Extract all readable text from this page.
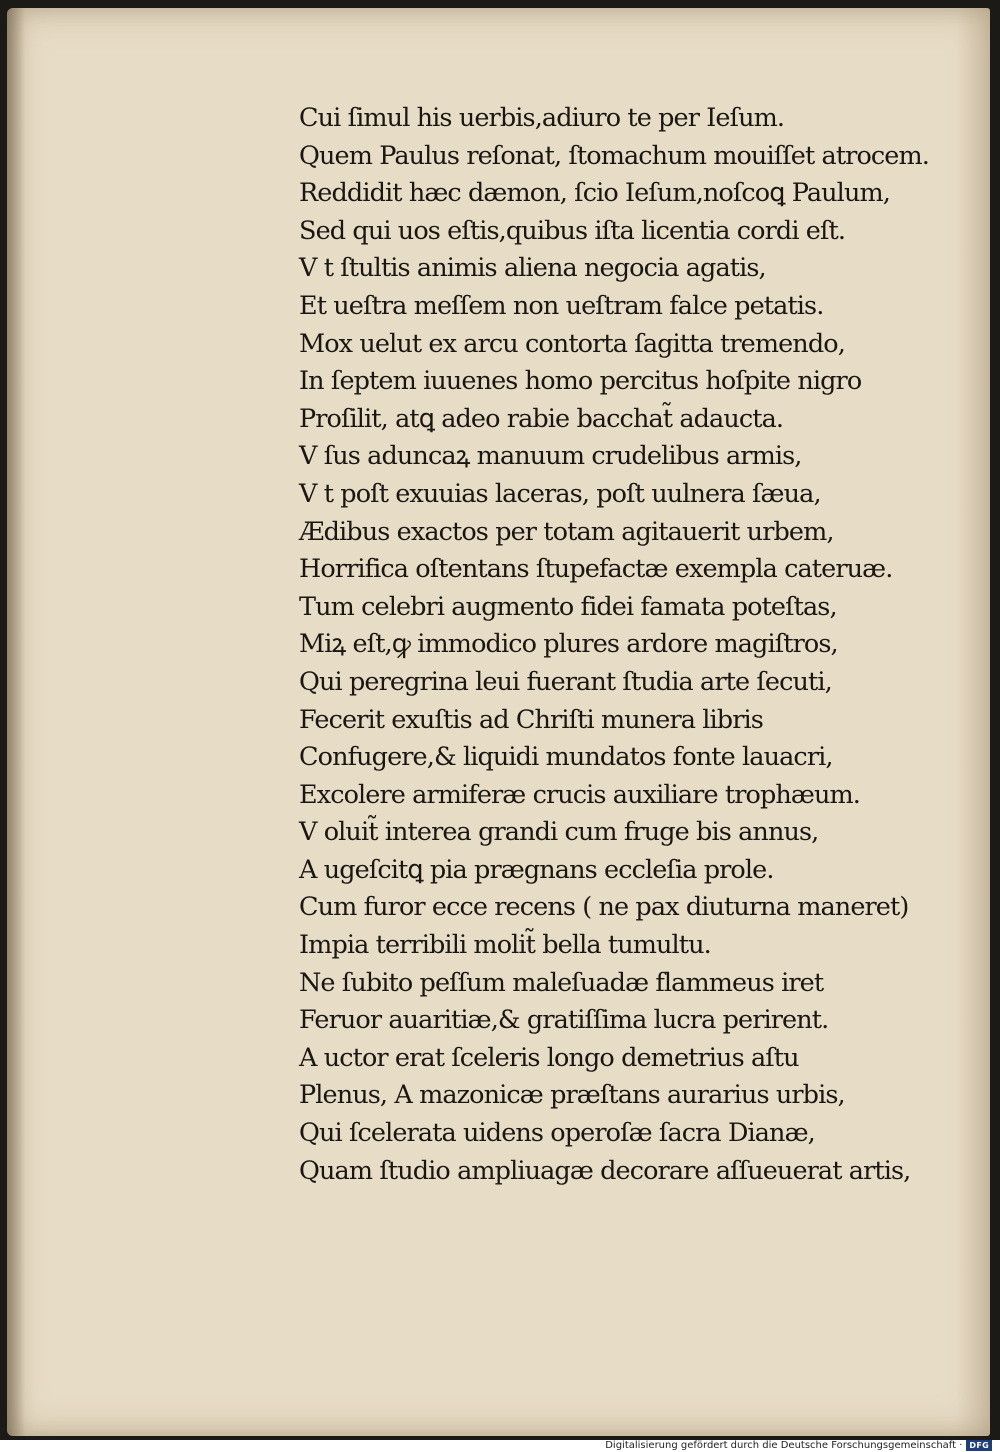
Cui ſimul his uerbis,adiuro te per Ieſum.
Quem Paulus reſonat, ſtomachum mouiſſet atrocem.
Reddidit hæc dæmon, ſcio Ieſum,noſcoꝗ Paulum,
Sed qui uos eſtis,quibus iſta licentia cordi eſt.
V t ſtultis animis aliena negocia agatis,
Et ueſtra meſſem non ueſtram falce petatis.
Mox uelut ex arcu contorta ſagitta tremendo,
In ſeptem iuuenes homo percitus hoſpite nigro
Proſilit, atꝗ adeo rabie bacchat̃ adaucta.
V ſus aduncaꝝ manuum crudelibus armis,
V t poſt exuuias laceras, poſt uulnera ſæua,
Ædibus exactos per totam agitauerit urbem,
Horrifica oſtentans ſtupefactæ exempla cateruæ.
Tum celebri augmento fidei famata poteſtas,
Miꝝ eſt,ꝙ immodico plures ardore magiſtros,
Qui peregrina leui fuerant ſtudia arte ſecuti,
Fecerit exuſtis ad Chriſti munera libris
Confugere,& liquidi mundatos fonte lauacri,
Excolere armiferæ crucis auxiliare trophæum.
V oluit̃ interea grandi cum fruge bis annus,
A ugeſcitꝗ pia prægnans eccleſia prole.
Cum furor ecce recens ( ne pax diuturna maneret)
Impia terribili molit̃ bella tumultu.
Ne ſubito peſſum maleſuadæ flammeus iret
Feruor auaritiæ,& gratiſſima lucra perirent.
A uctor erat ſceleris longo demetrius aſtu
Plenus, A mazonicæ præſtans aurarius urbis,
Qui ſcelerata uidens operoſæ ſacra Dianæ,
Quam ſtudio ampliuagæ decorare aſſueuerat artis,
Digitalisierung gefördert durch die Deutsche Forschungsgemeinschaft · DFG
